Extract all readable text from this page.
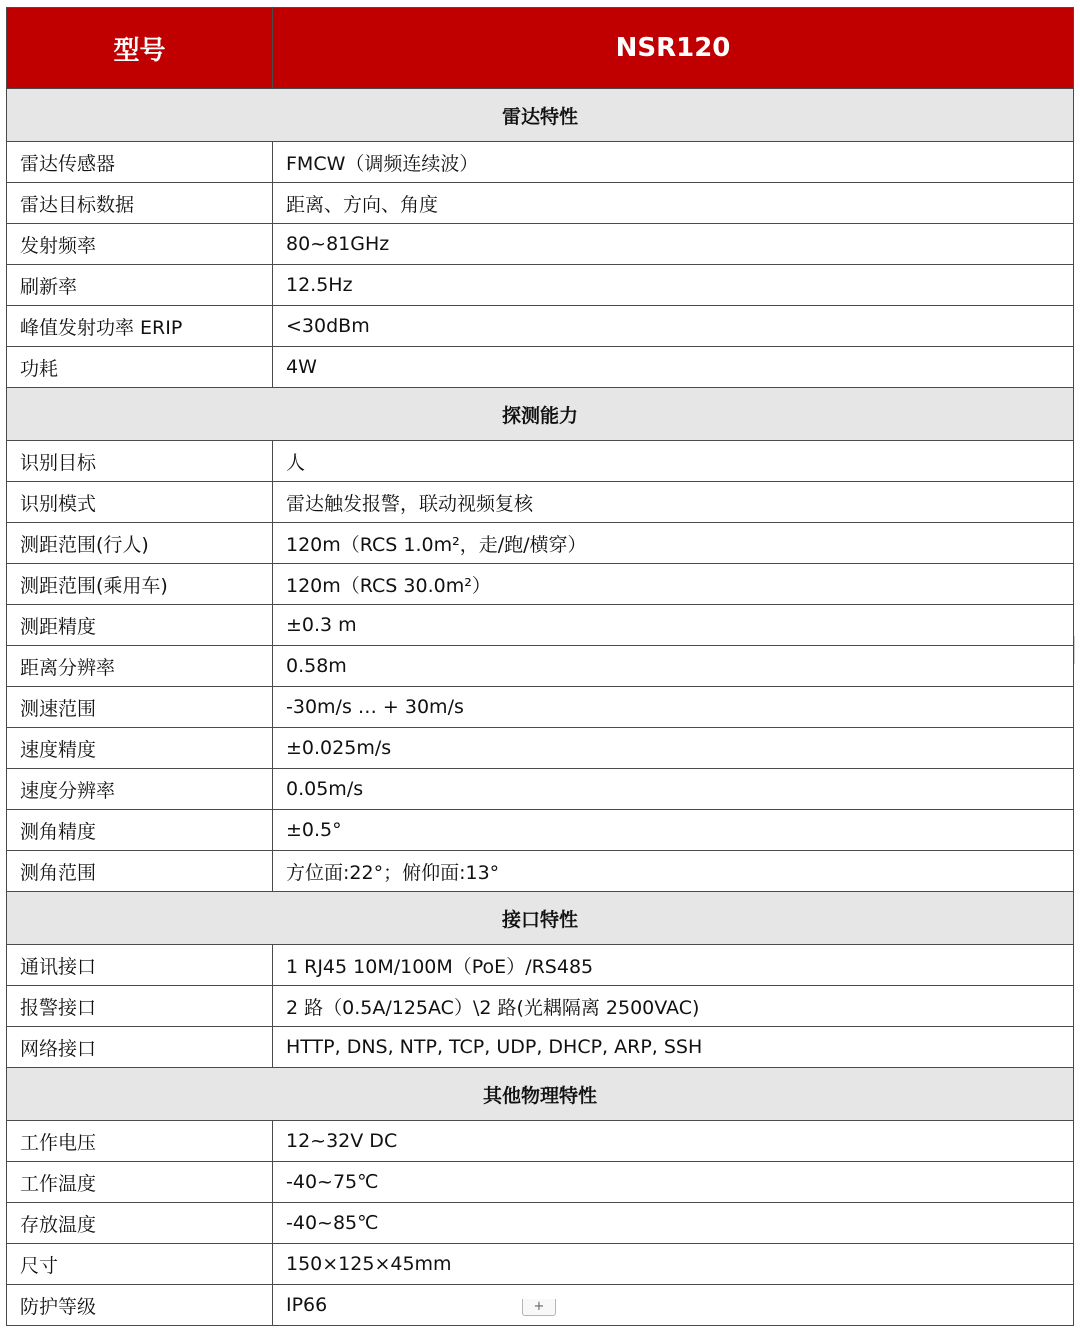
型号	NSR120
雷达特性	
雷达传感器	FMCW（调频连续波）
雷达目标数据	距离、方向、角度
发射频率	80~81GHz
刷新率	12.5Hz
峰值发射功率 ERIP	<30dBm
功耗	4W
探测能力	
识别目标	人
识别模式	雷达触发报警，联动视频复核
测距范围(行人)	120m（RCS 1.0m²，走/跑/横穿）
测距范围(乘用车)	120m（RCS 30.0m²）
测距精度	±0.3 m
距离分辨率	0.58m
测速范围	-30m/s … + 30m/s
速度精度	±0.025m/s
速度分辨率	0.05m/s
测角精度	±0.5°
测角范围	方位面:22°；俯仰面:13°
接口特性	
通讯接口	1 RJ45 10M/100M（PoE）/RS485
报警接口	2 路（0.5A/125AC）\2 路(光耦隔离 2500VAC)
网络接口	HTTP, DNS, NTP, TCP, UDP, DHCP, ARP, SSH
其他物理特性	
工作电压	12~32V DC
工作温度	-40~75℃
存放温度	-40~85℃
尺寸	150×125×45mm
防护等级	IP66	+
